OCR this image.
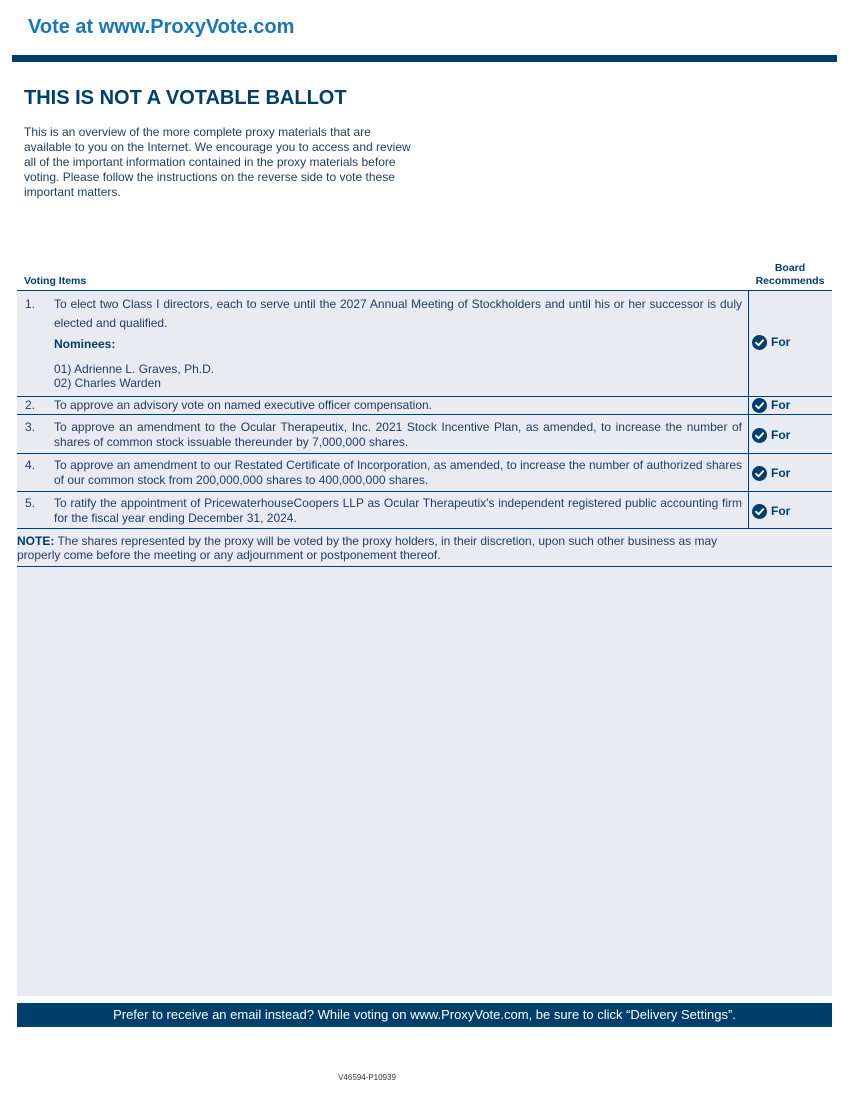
Vote at www.ProxyVote.com
THIS IS NOT A VOTABLE BALLOT

This is an overview of the more complete proxy materials that are available to you on the Internet. We encourage you to access and review all of the important information contained in the proxy materials before voting. Please follow the instructions on the reverse side to vote these important matters.

Voting Items
Board Recommends
1. To elect two Class I directors, each to serve until the 2027 Annual Meeting of Stockholders and until his or her successor is duly elected and qualified.

Nominees:
01) Adrienne L. Graves, Ph.D.
02) Charles Warden
For
2. To approve an advisory vote on named executive officer compensation.	For
3. To approve an amendment to the Ocular Therapeutix, Inc. 2021 Stock Incentive Plan, as amended, to increase the number of shares of common stock issuable thereunder by 7,000,000 shares.	For
4. To approve an amendment to our Restated Certificate of Incorporation, as amended, to increase the number of authorized shares of our common stock from 200,000,000 shares to 400,000,000 shares.	For
5. To ratify the appointment of PricewaterhouseCoopers LLP as Ocular Therapeutix's independent registered public accounting firm for the fiscal year ending December 31, 2024.	For

NOTE: The shares represented by the proxy will be voted by the proxy holders, in their discretion, upon such other business as may properly come before the meeting or any adjournment or postponement thereof.

Prefer to receive an email instead? While voting on www.ProxyVote.com, be sure to click “Delivery Settings”.
V46594-P10939
